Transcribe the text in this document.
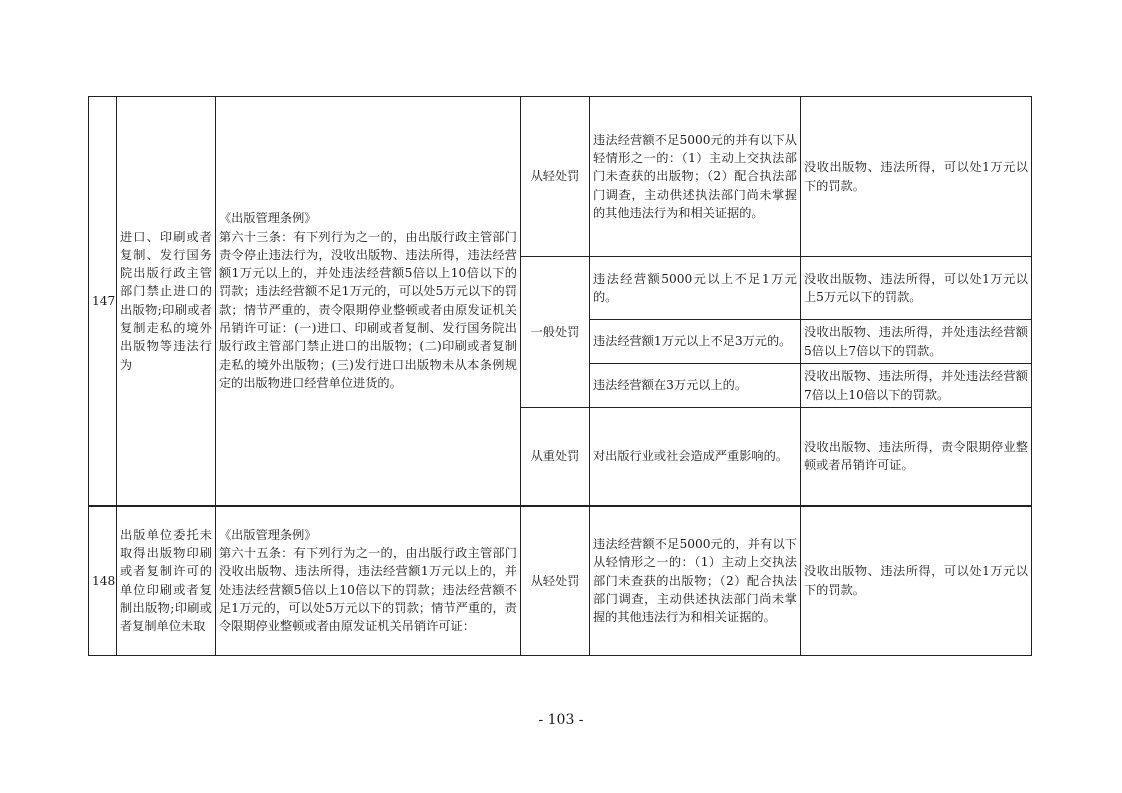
147	进口、印刷或者复制、发行国务院出版行政主管部门禁止进口的出版物;印刷或者复制走私的境外出版物等违法行为	《出版管理条例》
第六十三条：有下列行为之一的，由出版行政主管部门责令停止违法行为，没收出版物、违法所得，违法经营额1万元以上的，并处违法经营额5倍以上10倍以下的罚款；违法经营额不足1万元的，可以处5万元以下的罚款；情节严重的，责令限期停业整顿或者由原发证机关吊销许可证：(一)进口、印刷或者复制、发行国务院出版行政主管部门禁止进口的出版物；(二)印刷或者复制走私的境外出版物；(三)发行进口出版物未从本条例规定的出版物进口经营单位进货的。	从轻处罚	违法经营额不足5000元的并有以下从轻情形之一的：（1）主动上交执法部门未查获的出版物；（2）配合执法部门调查，主动供述执法部门尚未掌握的其他违法行为和相关证据的。	没收出版物、违法所得，可以处1万元以下的罚款。
			一般处罚	违法经营额5000元以上不足1万元的。	没收出版物、违法所得，可以处1万元以上5万元以下的罚款。
				违法经营额1万元以上不足3万元的。	没收出版物、违法所得，并处违法经营额5倍以上7倍以下的罚款。
				违法经营额在3万元以上的。	没收出版物、违法所得，并处违法经营额7倍以上10倍以下的罚款。
			从重处罚	对出版行业或社会造成严重影响的。	没收出版物、违法所得，责令限期停业整顿或者吊销许可证。
148	出版单位委托未取得出版物印刷或者复制许可的单位印刷或者复制出版物;印刷或者复制单位未取	《出版管理条例》
第六十五条：有下列行为之一的，由出版行政主管部门没收出版物、违法所得，违法经营额1万元以上的，并处违法经营额5倍以上10倍以下的罚款；违法经营额不足1万元的，可以处5万元以下的罚款；情节严重的，责令限期停业整顿或者由原发证机关吊销许可证：	从轻处罚	违法经营额不足5000元的，并有以下从轻情形之一的：（1）主动上交执法部门未查获的出版物；（2）配合执法部门调查，主动供述执法部门尚未掌握的其他违法行为和相关证据的。	没收出版物、违法所得，可以处1万元以下的罚款。
- 103 -
